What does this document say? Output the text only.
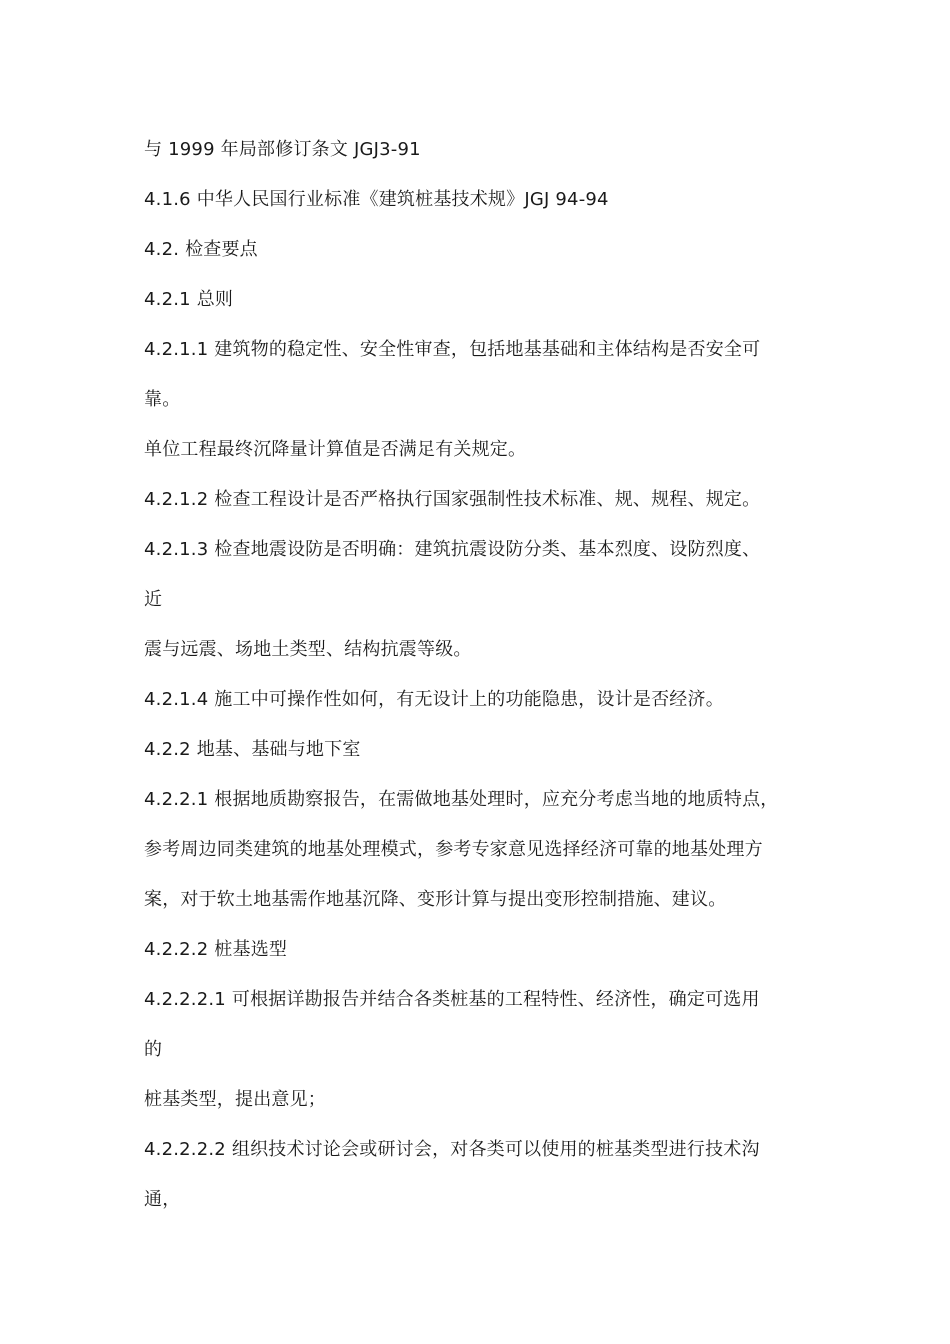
与 1999 年局部修订条文 JGJ3-91
4.1.6 中华人民国行业标准《建筑桩基技术规》JGJ 94-94
4.2. 检查要点
4.2.1 总则
4.2.1.1 建筑物的稳定性、安全性审查，包括地基基础和主体结构是否安全可
靠。
单位工程最终沉降量计算值是否满足有关规定。
4.2.1.2 检查工程设计是否严格执行国家强制性技术标准、规、规程、规定。
4.2.1.3 检查地震设防是否明确：建筑抗震设防分类、基本烈度、设防烈度、
近
震与远震、场地土类型、结构抗震等级。
4.2.1.4 施工中可操作性如何，有无设计上的功能隐患，设计是否经济。
4.2.2 地基、基础与地下室
4.2.2.1 根据地质勘察报告，在需做地基处理时，应充分考虑当地的地质特点，
参考周边同类建筑的地基处理模式，参考专家意见选择经济可靠的地基处理方
案，对于软土地基需作地基沉降、变形计算与提出变形控制措施、建议。
4.2.2.2 桩基选型
4.2.2.2.1 可根据详勘报告并结合各类桩基的工程特性、经济性，确定可选用
的
桩基类型，提出意见；
4.2.2.2.2 组织技术讨论会或研讨会，对各类可以使用的桩基类型进行技术沟
通，
